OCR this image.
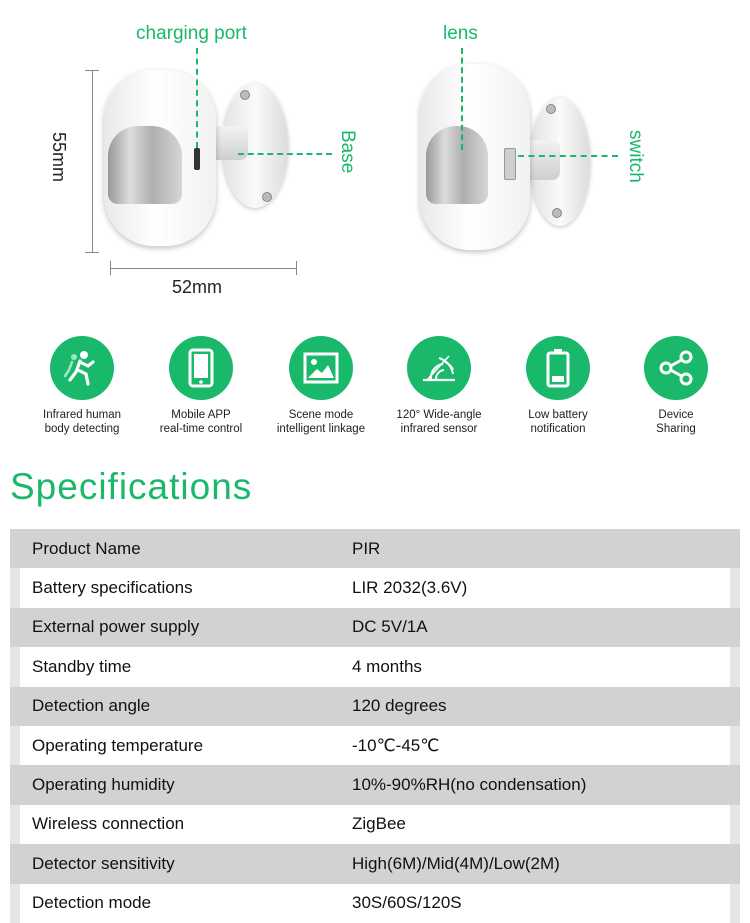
charging port
Base
55mm
52mm
lens
switch
Infrared human
body detecting
Mobile APP
real-time control
Scene mode
intelligent linkage
120° Wide-angle
infrared sensor
Low battery
notification
Device
Sharing
Specifications
Product Name	PIR
Battery specifications	LIR 2032(3.6V)
External power supply	DC 5V/1A
Standby time	4 months
Detection angle	120 degrees
Operating temperature	-10℃-45℃
Operating humidity	10%-90%RH(no condensation)
Wireless connection	ZigBee
Detector sensitivity	High(6M)/Mid(4M)/Low(2M)
Detection mode	30S/60S/120S
